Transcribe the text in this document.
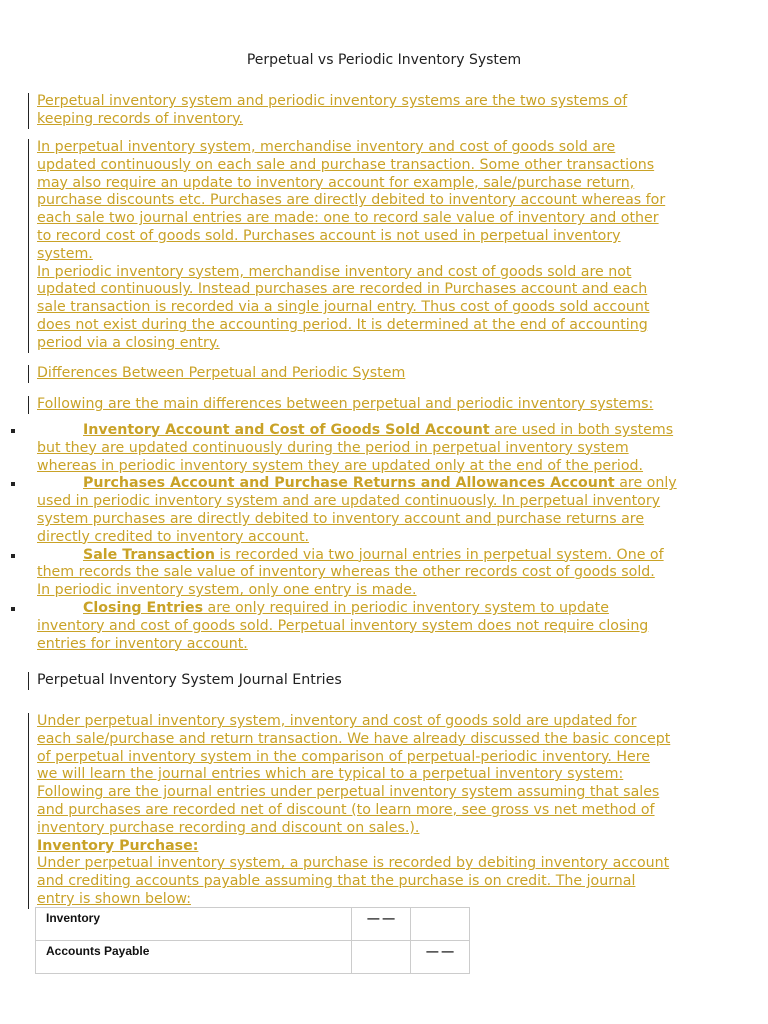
Perpetual vs Periodic Inventory System

Perpetual inventory system and periodic inventory systems are the two systems of

keeping records of inventory.

In perpetual inventory system, merchandise inventory and cost of goods sold are

updated continuously on each sale and purchase transaction. Some other transactions

may also require an update to inventory account for example, sale/purchase return,

purchase discounts etc. Purchases are directly debited to inventory account whereas for

each sale two journal entries are made: one to record sale value of inventory and other

to record cost of goods sold. Purchases account is not used in perpetual inventory

system.

In periodic inventory system, merchandise inventory and cost of goods sold are not

updated continuously. Instead purchases are recorded in Purchases account and each

sale transaction is recorded via a single journal entry. Thus cost of goods sold account

does not exist during the accounting period. It is determined at the end of accounting

period via a closing entry.

Differences Between Perpetual and Periodic System

Following are the main differences between perpetual and periodic inventory systems:

Inventory Account and Cost of Goods Sold Account are used in both systems

but they are updated continuously during the period in perpetual inventory system

whereas in periodic inventory system they are updated only at the end of the period.

Purchases Account and Purchase Returns and Allowances Account are only

used in periodic inventory system and are updated continuously. In perpetual inventory

system purchases are directly debited to inventory account and purchase returns are

directly credited to inventory account.

Sale Transaction is recorded via two journal entries in perpetual system. One of

them records the sale value of inventory whereas the other records cost of goods sold.

In periodic inventory system, only one entry is made.

Closing Entries are only required in periodic inventory system to update

inventory and cost of goods sold. Perpetual inventory system does not require closing

entries for inventory account.

Perpetual Inventory System Journal Entries

Under perpetual inventory system, inventory and cost of goods sold are updated for

each sale/purchase and return transaction. We have already discussed the basic concept

of perpetual inventory system in the comparison of perpetual-periodic inventory. Here

we will learn the journal entries which are typical to a perpetual inventory system:

Following are the journal entries under perpetual inventory system assuming that sales

and purchases are recorded net of discount (to learn more, see gross vs net method of

inventory purchase recording and discount on sales.).

Inventory Purchase:

Under perpetual inventory system, a purchase is recorded by debiting inventory account

and crediting accounts payable assuming that the purchase is on credit. The journal

entry is shown below:

Inventory	— —	
Accounts Payable		— —
